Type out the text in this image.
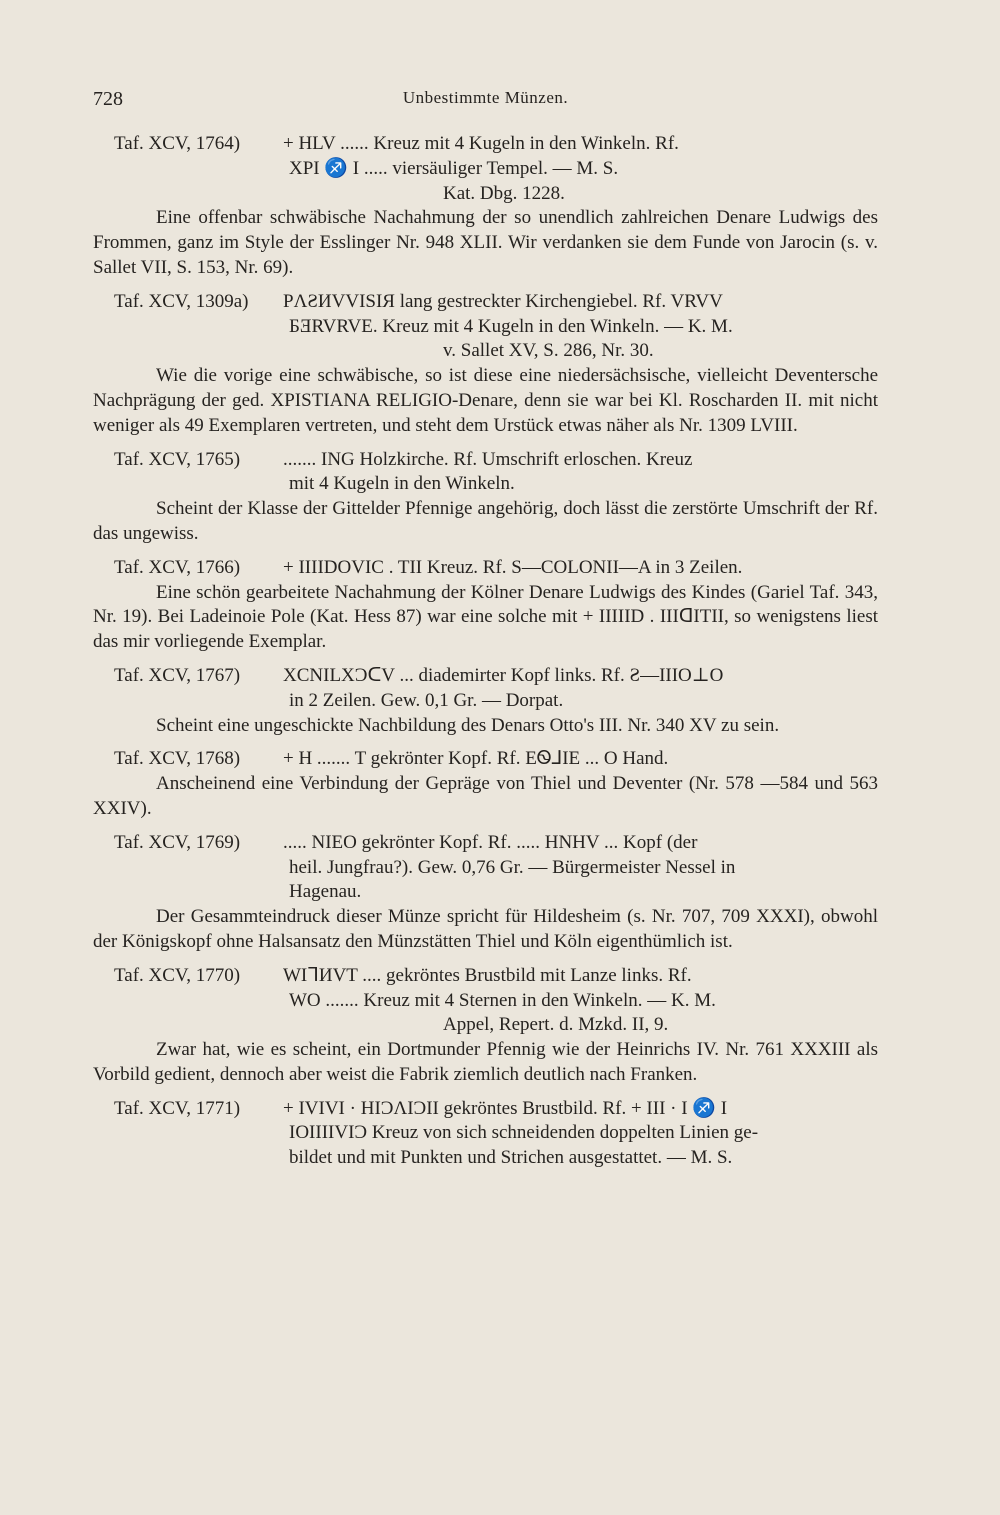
728	Unbestimmte Münzen.
Taf. XCV, 1764) + HLV ...... Kreuz mit 4 Kugeln in den Winkeln. Rf.
XPI ♐ I ..... viersäuliger Tempel. — M. S.
Kat. Dbg. 1228.
Eine offenbar schwäbische Nachahmung der so unendlich zahlreichen Denare Ludwigs des Frommen, ganz im Style der Esslinger Nr. 948 XLII. Wir verdanken sie dem Funde von Jarocin (s. v. Sallet VII, S. 153, Nr. 69).
Taf. XCV, 1309a) PΛƧИVVISIЯ lang gestreckter Kirchengiebel. Rf. VRVV
ƂƎRVRVE. Kreuz mit 4 Kugeln in den Winkeln. — K. M.
v. Sallet XV, S. 286, Nr. 30.
Wie die vorige eine schwäbische, so ist diese eine niedersächsische, vielleicht Deventersche Nachprägung der ged. XPISTIANA RELIGIO-Denare, denn sie war bei Kl. Roscharden II. mit nicht weniger als 49 Exemplaren vertreten, und steht dem Urstück etwas näher als Nr. 1309 LVIII.
Taf. XCV, 1765) ....... ING Holzkirche. Rf. Umschrift erloschen. Kreuz
mit 4 Kugeln in den Winkeln.
Scheint der Klasse der Gittelder Pfennige angehörig, doch lässt die zerstörte Umschrift der Rf. das ungewiss.
Taf. XCV, 1766) + IIIIDOVIC . TII Kreuz. Rf. S—COLONII—A in 3 Zeilen.
Eine schön gearbeitete Nachahmung der Kölner Denare Ludwigs des Kindes (Gariel Taf. 343, Nr. 19). Bei Ladeinoie Pole (Kat. Hess 87) war eine solche mit + IIIIID . IIIᗡITII, so wenigstens liest das mir vorliegende Exemplar.
Taf. XCV, 1767) XCNILXƆᑕV ... diademirter Kopf links. Rf. Ƨ—IIIO⊥O
in 2 Zeilen. Gew. 0,1 Gr. — Dorpat.
Scheint eine ungeschickte Nachbildung des Denars Otto's III. Nr. 340 XV zu sein.
Taf. XCV, 1768) + H ....... T gekrönter Kopf. Rf. EᏫ⅃IE ... O Hand.
Anscheinend eine Verbindung der Gepräge von Thiel und Deventer (Nr. 578 —584 und 563 XXIV).
Taf. XCV, 1769) ..... NIEO gekrönter Kopf. Rf. ..... HNHV ... Kopf (der
heil. Jungfrau?). Gew. 0,76 Gr. — Bürgermeister Nessel in
Hagenau.
Der Gesammteindruck dieser Münze spricht für Hildesheim (s. Nr. 707, 709 XXXI), obwohl der Königskopf ohne Halsansatz den Münzstätten Thiel und Köln eigenthümlich ist.
Taf. XCV, 1770) WIᒣИVT .... gekröntes Brustbild mit Lanze links. Rf.
WO ....... Kreuz mit 4 Sternen in den Winkeln. — K. M.
Appel, Repert. d. Mzkd. II, 9.
Zwar hat, wie es scheint, ein Dortmunder Pfennig wie der Heinrichs IV. Nr. 761 XXXIII als Vorbild gedient, dennoch aber weist die Fabrik ziemlich deutlich nach Franken.
Taf. XCV, 1771) + IVIVI · HIƆΛIƆII gekröntes Brustbild. Rf. + III · I ♐ I
IOIIIIVIƆ Kreuz von sich schneidenden doppelten Linien ge-
bildet und mit Punkten und Strichen ausgestattet. — M. S.
